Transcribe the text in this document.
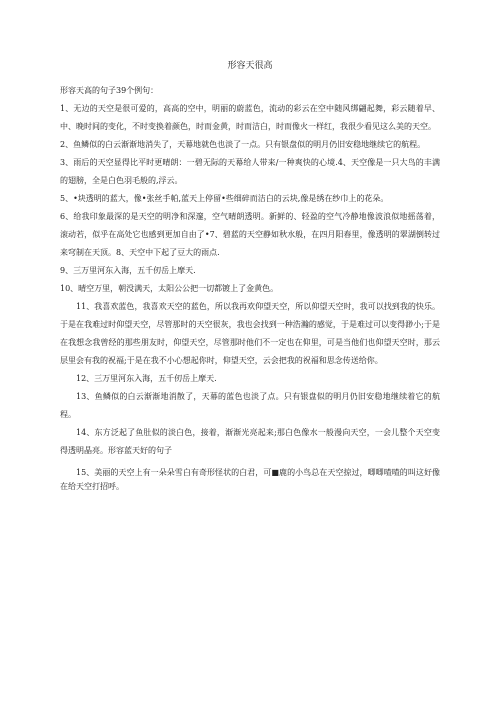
形容天很高

形容天高的句子39个例句：

1、无边的天空是很可爱的，高高的空中，明丽的蔚蓝色，流动的彩云在空中随风绑翩起舞，彩云随着早、中、晚时间的变化，不时变换着颜色，时而金黄，时而洁白，时而像火一样红，我很少看见这么美的天空。

2、鱼鳞似的白云渐渐地消失了，天幕地就色也淡了一点。只有银盘似的明月仍旧安稳地继续它的航程。

3、雨后的天空显得比平时更晴朗：一碧无际的天幕给人带来/一种爽快的心境.4、天空像是一只大鸟的丰满的翅膀，全是白色羽毛般的,浮云。

5、•块透明的蓝大，像•张丝手帕,蓝天上停留•些细碎而洁白的云块,像是绣在纱巾上的花朵。

6、给我印象最深的是天空的明净和深邃，空气晴朗透明。新鲜的、轻盈的空气冷静地像波浪似地摇荡着，滚动若，似乎在高处它也感到更加自由了•7、碧蓝的天空静如秋水般，在四月阳春里，像透明的翠湖倒转过来穹制在天顶。8、天空中下起了豆大的雨点.

9、三万里河东入海，五千仞岳上摩天.

10、晴空万里，朝没满天，太阳公公把一切都镀上了金黄色。

11、我喜欢蓝色，我喜欢天空的蓝色，所以我再欢仰望天空，所以仰望天空时，我可以找到我的快乐。于是在我难过时仰望天空，尽管那时的天空很灰，我也会找到一种浩瀚的感觉，于是难过可以变得渺小;于是在我想念我曾经的那些朋友时，仰望天空，尽管那时他们不一定也在仰里，可是当他们也仰望天空时，那云层里会有我的祝福;于是在我不小心想起你时，仰望天空，云会把我的祝福和思念传送给你。

12、三万里河东入海，五千仞岳上摩天.

13、鱼鳞似的白云渐渐地消散了，天幕的蓝色也淡了点。只有银盘似的明月仍旧安稳地继续着它的航程。

14、东方泛起了鱼肚似的淡白色，接着，渐渐光亮起来;那白色像水一般漫向天空，一会儿整个天空变得透明晶亮。形容蓝天好的句子

15、美丽的天空上有一朵朵雪白有奇形怪状的白君，可■鹿的小鸟总在天空掠过，唧唧喳喳的叫这好像在给天空打招呼。
